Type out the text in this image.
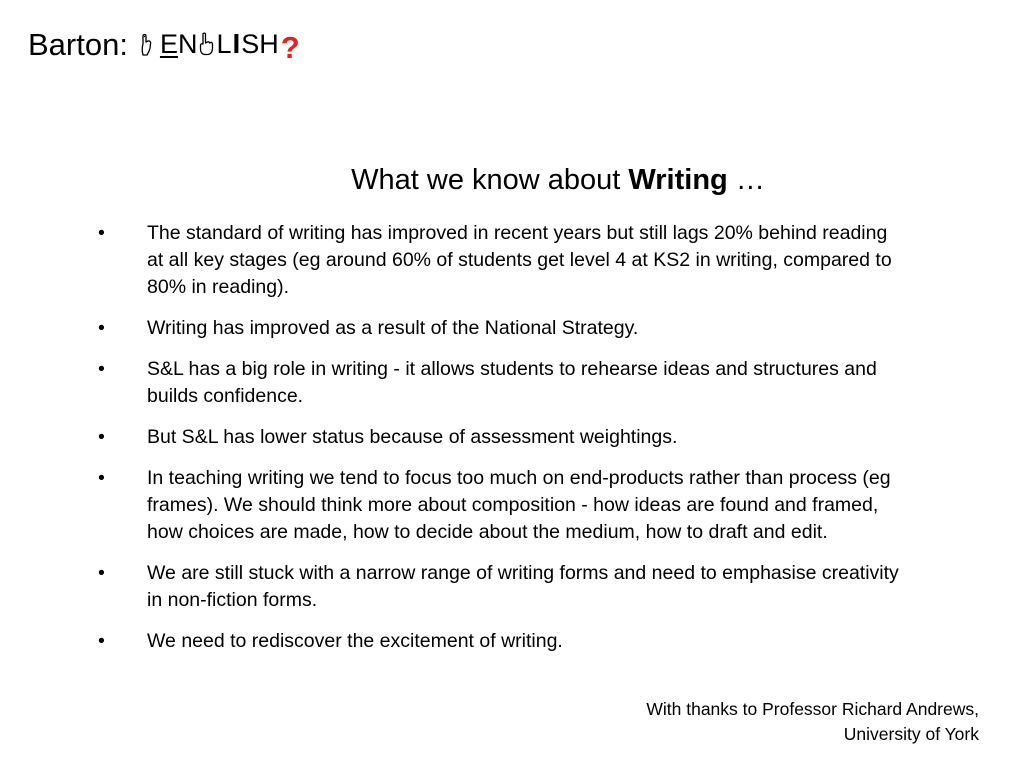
Barton: E N L I SH ?
What we know about Writing …
• The standard of writing has improved in recent years but still lags 20% behind reading at all key stages (eg around 60% of students get level 4 at KS2 in writing, compared to 80% in reading).
• Writing has improved as a result of the National Strategy.
• S&L has a big role in writing - it allows students to rehearse ideas and structures and builds confidence.
• But S&L has lower status because of assessment weightings.
• In teaching writing we tend to focus too much on end-products rather than process (eg frames). We should think more about composition - how ideas are found and framed, how choices are made, how to decide about the medium, how to draft and edit.
• We are still stuck with a narrow range of writing forms and need to emphasise creativity in non-fiction forms.
• We need to rediscover the excitement of writing.
With thanks to Professor Richard Andrews,
University of York
